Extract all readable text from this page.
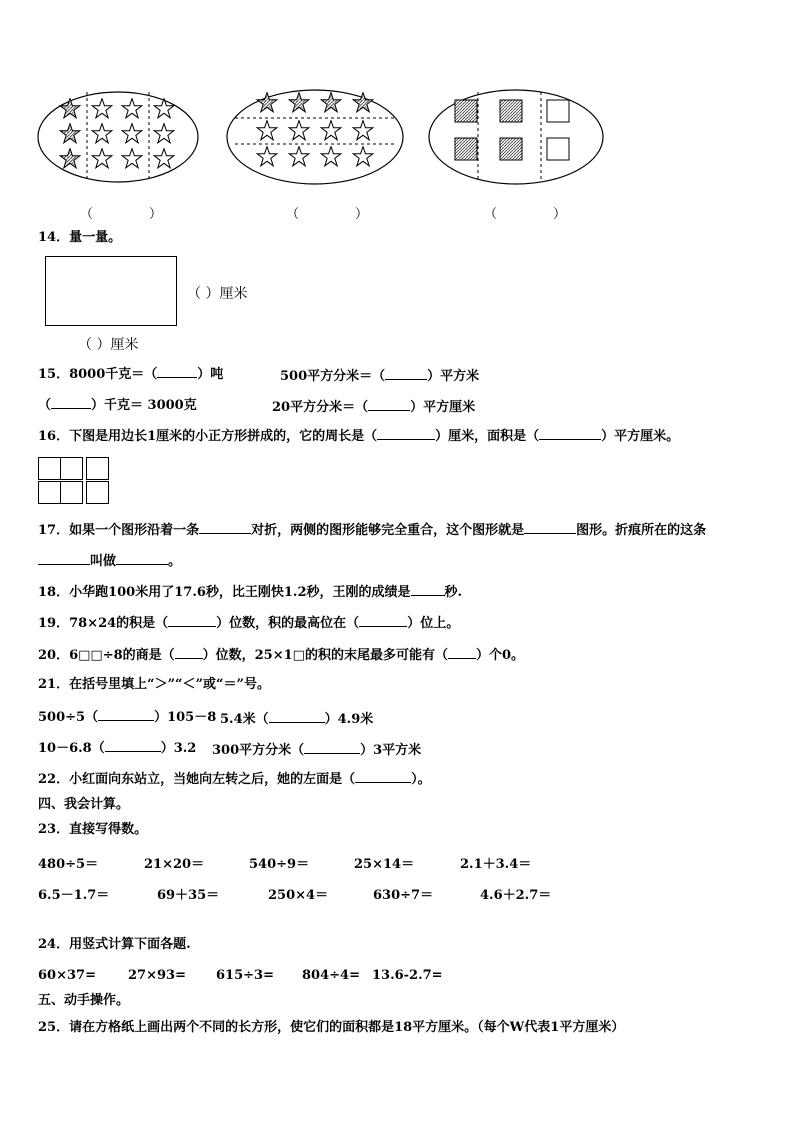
（	）	（	）	（	）
14．量一量。
（ ）厘米
（ ）厘米
15．8000千克＝（	）吨	500平方分米＝（	）平方米
（	）千克＝ 3000克	20平方分米＝（	）平方厘米
16．下图是用边长1厘米的小正方形拼成的，它的周长是（	）厘米，面积是（	）平方厘米。
17．如果一个图形沿着一条	对折，两侧的图形能够完全重合，这个图形就是	图形。折痕所在的这条
叫做	。
18．小华跑100米用了17.6秒，比王刚快1.2秒，王刚的成绩是	秒.
19．78×24的积是（	）位数，积的最高位在（	）位上。
20．6□□÷8的商是（ ）位数，25×1□的积的末尾最多可能有（ ）个0。
21．在括号里填上“＞”“＜”或“＝”号。
500÷5（	）105－8 5.4米（	）4.9米
10－6.8（	）3.2 300平方分米（	）3平方米
22．小红面向东站立，当她向左转之后，她的左面是（	）。
四、我会计算。
23．直接写得数。
480÷5＝	21×20＝	540÷9＝	25×14＝	2.1＋3.4＝
6.5－1.7＝	69＋35＝	250×4＝	630÷7＝	4.6＋2.7＝
24．用竖式计算下面各题.
60×37= 27×93= 615÷3= 804÷4= 13.6-2.7=
五、动手操作。
25．请在方格纸上画出两个不同的长方形，使它们的面积都是18平方厘米。（每个W代表1平方厘米）
